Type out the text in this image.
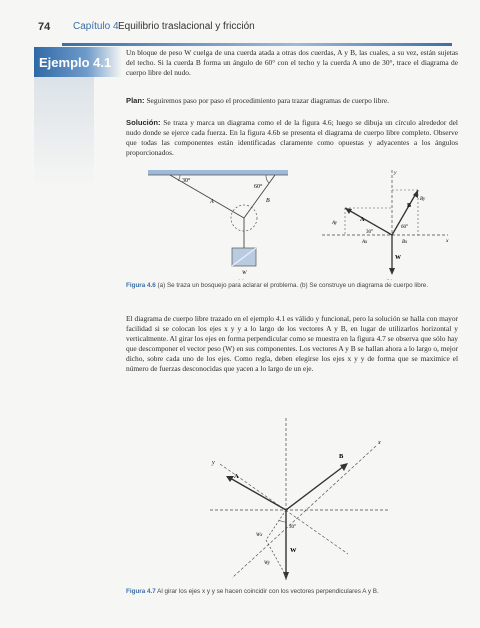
74 Capítulo 4 Equilibrio traslacional y fricción
Ejemplo 4.1
Un bloque de peso W cuelga de una cuerda atada a otras dos cuerdas, A y B, las cuales, a su vez, están sujetas del techo. Si la cuerda B forma un ángulo de 60° con el techo y la cuerda A uno de 30°, trace el diagrama de cuerpo libre del nudo.
Plan: Seguiremos paso por paso el procedimiento para trazar diagramas de cuerpo libre.
Solución: Se traza y marca un diagrama como el de la figura 4.6; luego se dibuja un círculo alrededor del nudo donde se ejerce cada fuerza. En la figura 4.6b se presenta el diagrama de cuerpo libre completo. Observe que todas las componentes están identificadas claramente como opuestas y adyacentes a los ángulos proporcionados.
30°
60°
A	B
W
x
y
A
B
W
Ay
Ax
By
Bx
30°
60°
Figura 4.6 (a) Se traza un bosquejo para aclarar el problema. (b) Se construye un diagrama de cuerpo libre.
El diagrama de cuerpo libre trazado en el ejemplo 4.1 es válido y funcional, pero la solución se halla con mayor facilidad si se colocan los ejes x y y a lo largo de los vectores A y B, en lugar de utilizarlos horizontal y verticalmente. Al girar los ejes en forma perpendicular como se muestra en la figura 4.7 se observa que sólo hay que descomponer el vector peso (W) en sus componentes. Los vectores A y B se hallan ahora a lo largo o, mejor dicho, sobre cada uno de los ejes. Como regla, deben elegirse los ejes x y y de forma que se maximice el número de fuerzas desconocidas que yacen a lo largo de un eje.
x
y
A
B
W
Wx
Wy
30°
Figura 4.7 Al girar los ejes x y y se hacen coincidir con los vectores perpendiculares A y B.
